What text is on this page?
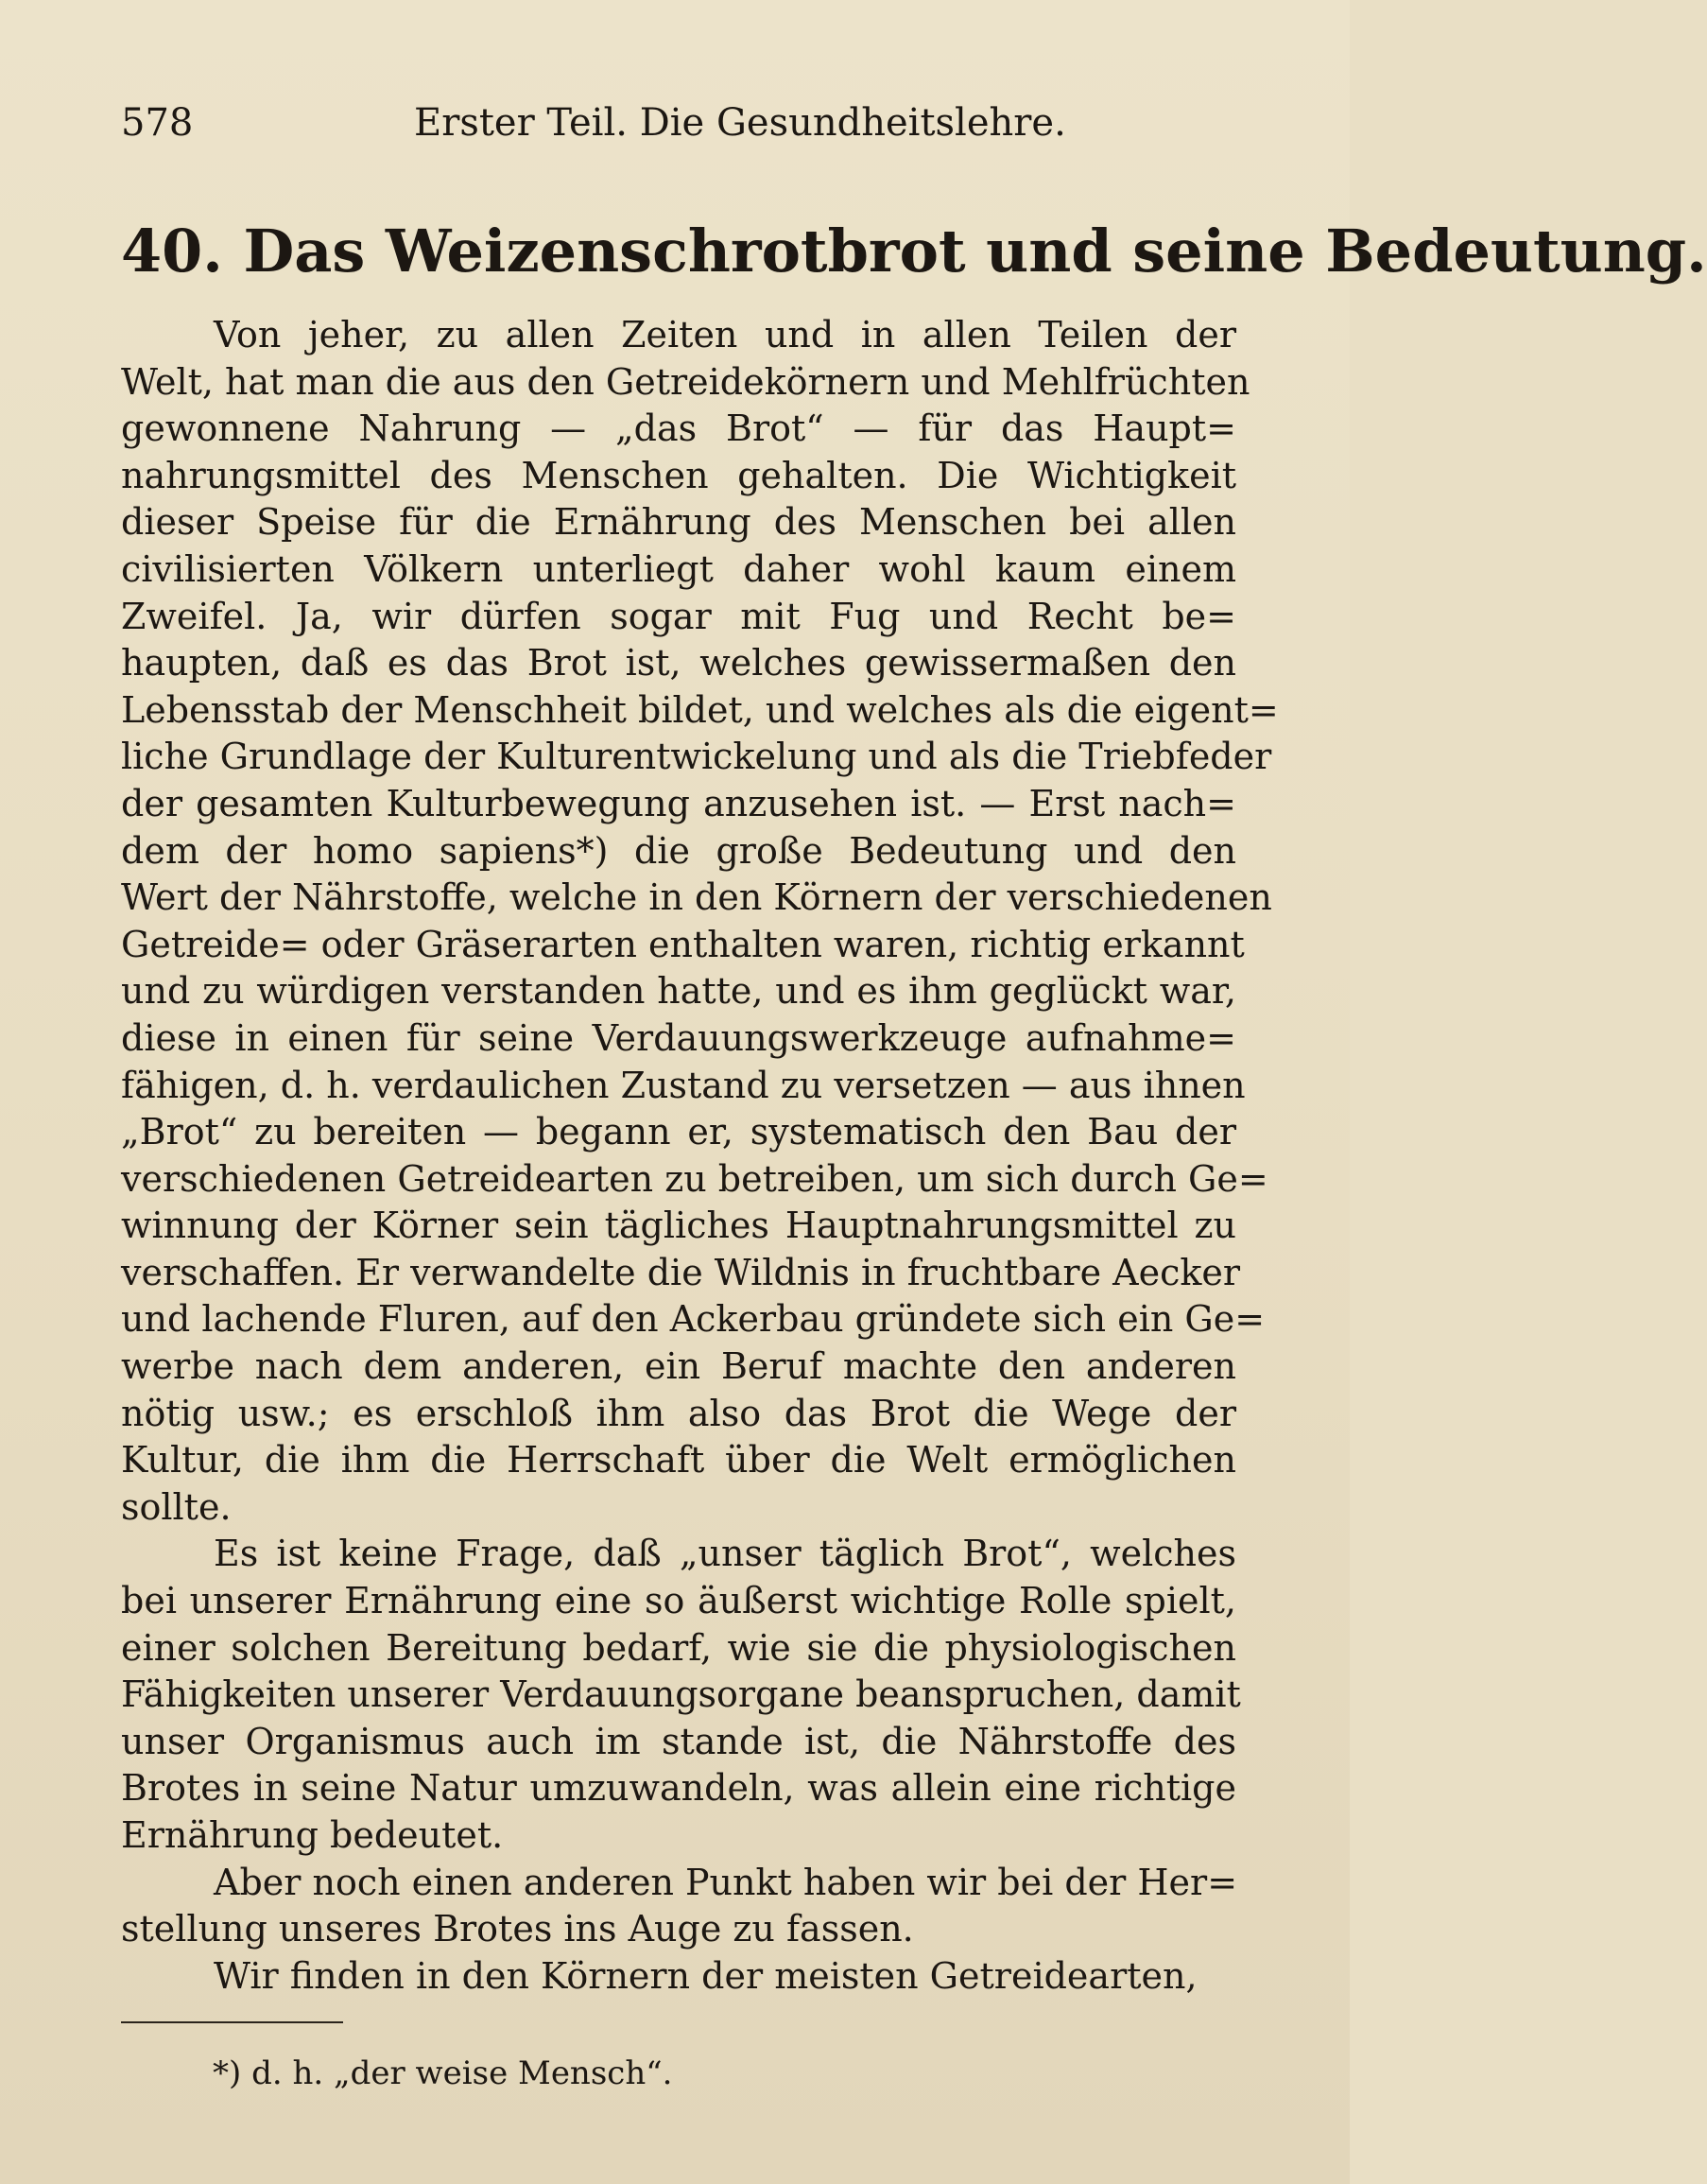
578	Erster Teil. Die Gesundheitslehre.
40. Das Weizenschrotbrot und seine Bedeutung.
Von jeher, zu allen Zeiten und in allen Teilen der
Welt, hat man die aus den Getreidekörnern und Mehlfrüchten
gewonnene Nahrung — „das Brot“ — für das Haupt=
nahrungsmittel des Menschen gehalten. Die Wichtigkeit
dieser Speise für die Ernährung des Menschen bei allen
civilisierten Völkern unterliegt daher wohl kaum einem
Zweifel. Ja, wir dürfen sogar mit Fug und Recht be=
haupten, daß es das Brot ist, welches gewissermaßen den
Lebensstab der Menschheit bildet, und welches als die eigent=
liche Grundlage der Kulturentwickelung und als die Triebfeder
der gesamten Kulturbewegung anzusehen ist. — Erst nach=
dem der homo sapiens*) die große Bedeutung und den
Wert der Nährstoffe, welche in den Körnern der verschiedenen
Getreide= oder Gräserarten enthalten waren, richtig erkannt
und zu würdigen verstanden hatte, und es ihm geglückt war,
diese in einen für seine Verdauungswerkzeuge aufnahme=
fähigen, d. h. verdaulichen Zustand zu versetzen — aus ihnen
„Brot“ zu bereiten — begann er, systematisch den Bau der
verschiedenen Getreidearten zu betreiben, um sich durch Ge=
winnung der Körner sein tägliches Hauptnahrungsmittel zu
verschaffen. Er verwandelte die Wildnis in fruchtbare Aecker
und lachende Fluren, auf den Ackerbau gründete sich ein Ge=
werbe nach dem anderen, ein Beruf machte den anderen
nötig usw.; es erschloß ihm also das Brot die Wege der
Kultur, die ihm die Herrschaft über die Welt ermöglichen
sollte.
Es ist keine Frage, daß „unser täglich Brot“, welches
bei unserer Ernährung eine so äußerst wichtige Rolle spielt,
einer solchen Bereitung bedarf, wie sie die physiologischen
Fähigkeiten unserer Verdauungsorgane beanspruchen, damit
unser Organismus auch im stande ist, die Nährstoffe des
Brotes in seine Natur umzuwandeln, was allein eine richtige
Ernährung bedeutet.
Aber noch einen anderen Punkt haben wir bei der Her=
stellung unseres Brotes ins Auge zu fassen.
Wir finden in den Körnern der meisten Getreidearten,
*) d. h. „der weise Mensch“.
